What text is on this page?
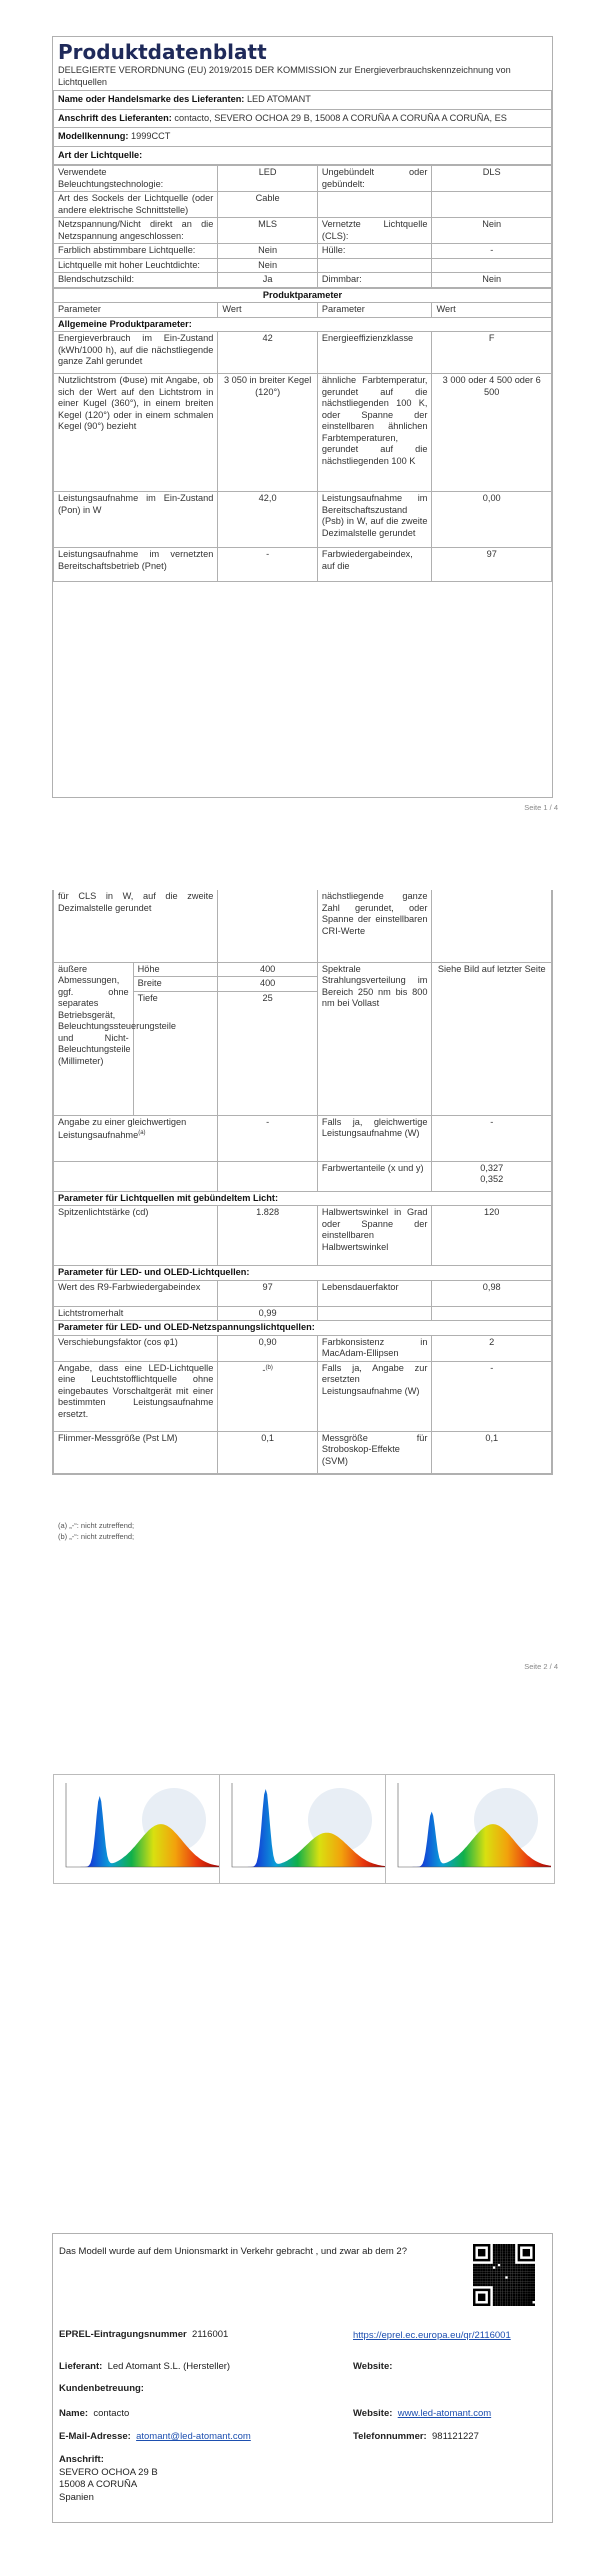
Produktdatenblatt
DELEGIERTE VERORDNUNG (EU) 2019/2015 DER KOMMISSION zur Energieverbrauchskennzeichnung von Lichtquellen
Name oder Handelsmarke des Lieferanten: LED ATOMANT
Anschrift des Lieferanten: contacto, SEVERO OCHOA 29 B, 15008 A CORUÑA A CORUÑA A CORUÑA, ES
Modellkennung: 1999CCT
Art der Lichtquelle:
Verwendete Beleuchtungstechnologie:	LED	Ungebündelt oder gebündelt:	DLS
Art des Sockels der Lichtquelle (oder andere elektrische Schnittstelle)	Cable		
Netzspannung/Nicht direkt an die Netzspannung angeschlossen:	MLS	Vernetzte Lichtquelle (CLS):	Nein
Farblich abstimmbare Lichtquelle:	Nein	Hülle:	-
Lichtquelle mit hoher Leuchtdichte:	Nein		
Blendschutzschild:	Ja	Dimmbar:	Nein
Produktparameter			
Parameter	Wert	Parameter	Wert
Allgemeine Produktparameter:			
Energieverbrauch im Ein-Zustand (kWh/1000 h), auf die nächstliegende ganze Zahl gerundet	42	Energieeffizienzklasse	F
Nutzlichtstrom (Φuse) mit Angabe, ob sich der Wert auf den Lichtstrom in einer Kugel (360°), in einem breiten Kegel (120°) oder in einem schmalen Kegel (90°) bezieht	3 050 in breiter Kegel (120°)	ähnliche Farbtemperatur, gerundet auf die nächstliegenden 100 K, oder Spanne der einstellbaren ähnlichen Farbtemperaturen, gerundet auf die nächstliegenden 100 K	3 000 oder 4 500 oder 6 500
Leistungsaufnahme im Ein-Zustand (Pon) in W	42,0	Leistungsaufnahme im Bereitschaftszustand (Psb) in W, auf die zweite Dezimalstelle gerundet	0,00
Leistungsaufnahme im vernetzten Bereitschaftsbetrieb (Pnet)	-	Farbwiedergabeindex, auf die	97
Seite 1 / 4
für CLS in W, auf die zweite Dezimalstelle gerundet			nächstliegende ganze Zahl gerundet, oder Spanne der einstellbaren CRI-Werte	
äußere Abmessungen, ggf. ohne separates Betriebsgerät, Beleuchtungssteuerungsteile und Nicht-Beleuchtungsteile (Millimeter)	Höhe	400	Spektrale Strahlungsverteilung im Bereich 250 nm bis 800 nm bei Vollast	Siehe Bild auf letzter Seite
	Breite	400		
	Tiefe	25		
Angabe zu einer gleichwertigen Leistungsaufnahme$^{(a)}$		-	Falls ja, gleichwertige Leistungsaufnahme (W)	-
			Farbwertanteile (x und y)	0,327
0,352

Parameter für Lichtquellen mit gebündeltem Licht:				
Spitzenlichtstärke (cd)		1.828	Halbwertswinkel in Grad oder Spanne der einstellbaren Halbwertswinkel	120
Parameter für LED- und OLED-Lichtquellen:				
Wert des R9-Farbwiedergabeindex		97	Lebensdauerfaktor	0,98
Lichtstromerhalt		0,99		
Parameter für LED- und OLED-Netzspannungslichtquellen:				
Verschiebungsfaktor (cos φ1)		0,90	Farbkonsistenz in MacAdam-Ellipsen	2
Angabe, dass eine LED-Lichtquelle eine Leuchtstofflichtquelle ohne eingebautes Vorschaltgerät mit einer bestimmten Leistungsaufnahme ersetzt.		-$^{(b)}$	Falls ja, Angabe zur ersetzten Leistungsaufnahme (W)	-
Flimmer-Messgröße (Pst LM)		0,1	Messgröße für Stroboskop-Effekte (SVM)	0,1
(a) „-“: nicht zutreffend;
(b) „-“: nicht zutreffend;
Seite 2 / 4
Das Modell wurde auf dem Unionsmarkt in Verkehr gebracht , und zwar ab dem 2?
EPREL-Eintragungsnummer 2116001	https://eprel.ec.europa.eu/qr/2116001
Lieferant: Led Atomant S.L. (Hersteller)	Website:
Kundenbetreuung:
Name: contacto	Website: www.led-atomant.com
E-Mail-Adresse: atomant@led-atomant.com	Telefonnummer: 981121227
Anschrift:
SEVERO OCHOA 29 B
15008 A CORUÑA
Spanien
